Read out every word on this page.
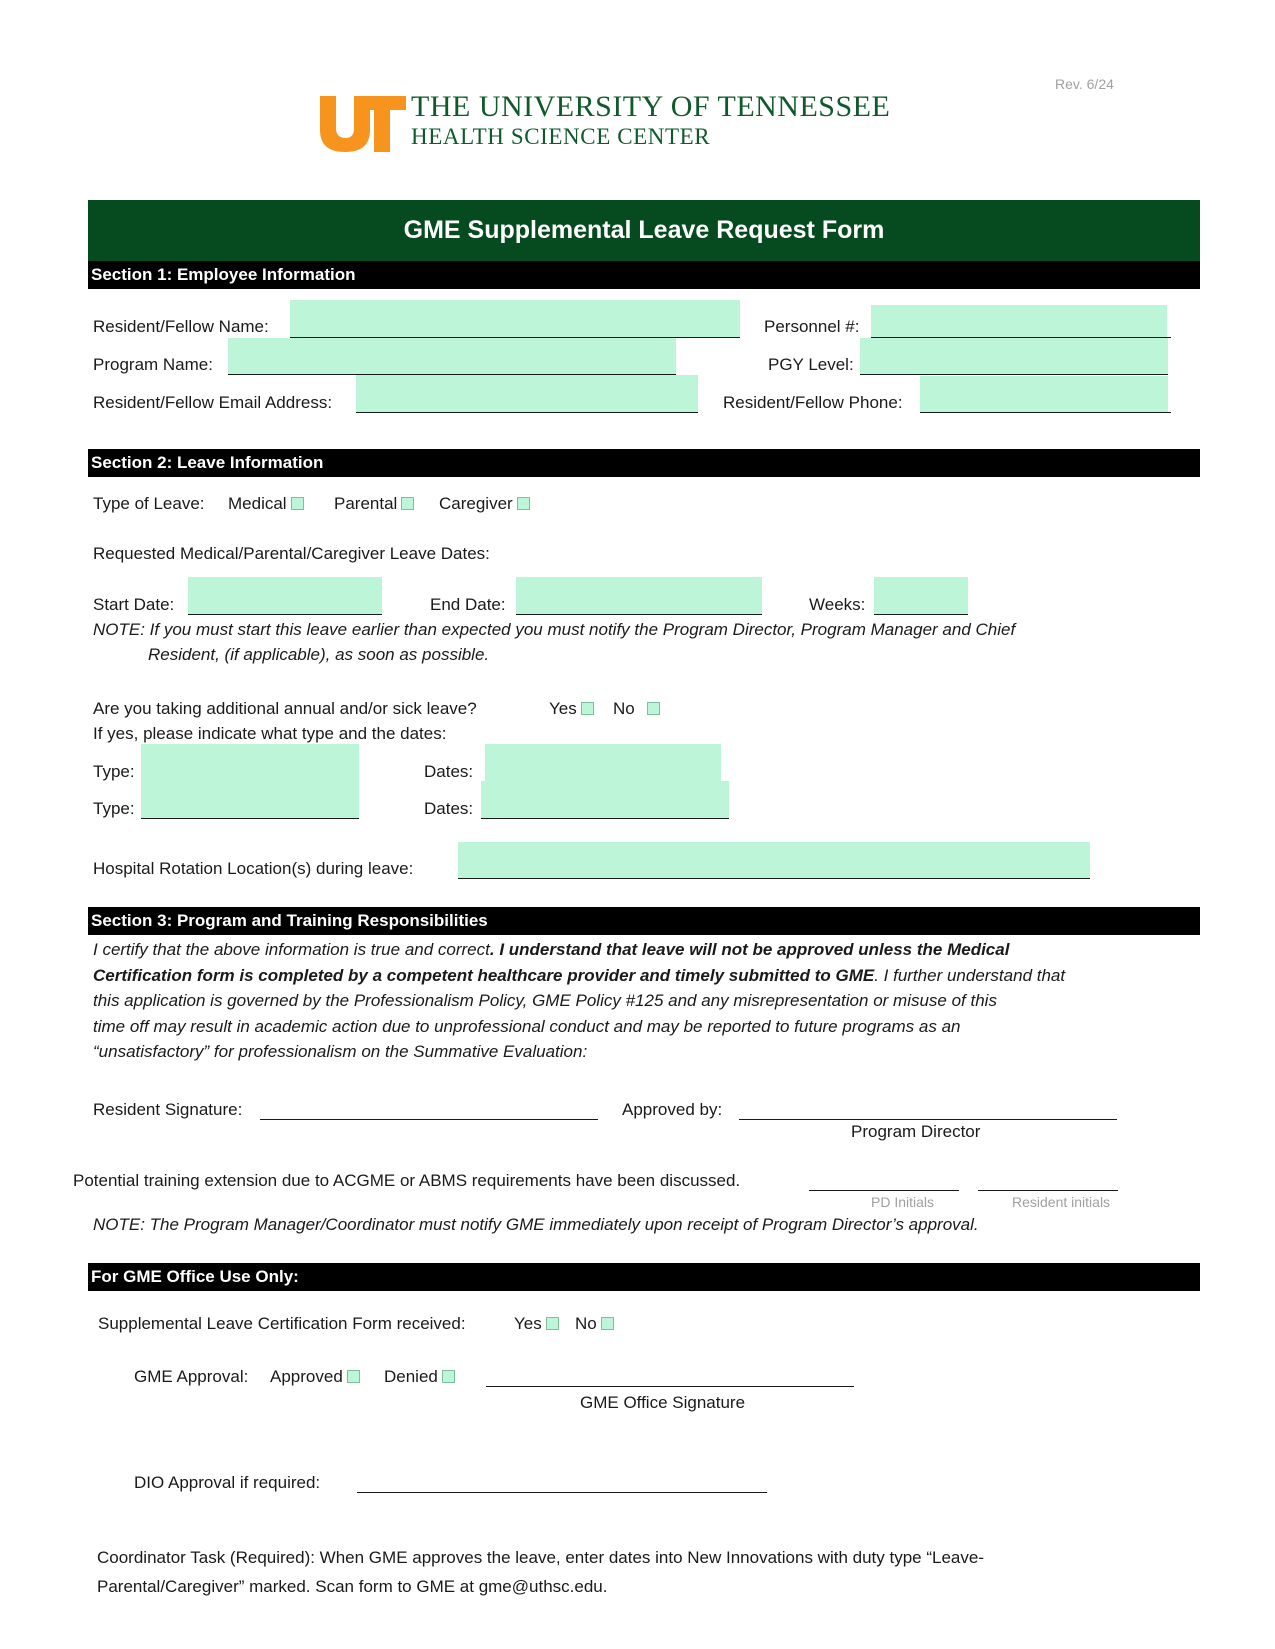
Rev. 6/24
THE UNIVERSITY OF TENNESSEE
HEALTH SCIENCE CENTER
GME Supplemental Leave Request Form
Section 1: Employee Information
Resident/Fellow Name:	Personnel #:
Program Name:	PGY Level:
Resident/Fellow Email Address:	Resident/Fellow Phone:
Section 2: Leave Information
Type of Leave: Medical	Parental	Caregiver
Requested Medical/Parental/Caregiver Leave Dates:
Start Date:	End Date:	Weeks:
NOTE: If you must start this leave earlier than expected you must notify the Program Director, Program Manager and Chief
Resident, (if applicable), as soon as possible.
Are you taking additional annual and/or sick leave?	Yes	No
If yes, please indicate what type and the dates:
Type:	Dates:
Type:	Dates:
Hospital Rotation Location(s) during leave:
Section 3: Program and Training Responsibilities
I certify that the above information is true and correct. I understand that leave will not be approved unless the Medical
Certification form is completed by a competent healthcare provider and timely submitted to GME. I further understand that
this application is governed by the Professionalism Policy, GME Policy #125 and any misrepresentation or misuse of this
time off may result in academic action due to unprofessional conduct and may be reported to future programs as an
“unsatisfactory” for professionalism on the Summative Evaluation:
Resident Signature:	Approved by:
Program Director
Potential training extension due to ACGME or ABMS requirements have been discussed.
PD Initials	Resident initials
NOTE: The Program Manager/Coordinator must notify GME immediately upon receipt of Program Director’s approval.
For GME Office Use Only:
Supplemental Leave Certification Form received:	Yes	No
GME Approval: Approved	Denied
GME Office Signature
DIO Approval if required:
Coordinator Task (Required): When GME approves the leave, enter dates into New Innovations with duty type “Leave-
Parental/Caregiver” marked. Scan form to GME at gme@uthsc.edu.
